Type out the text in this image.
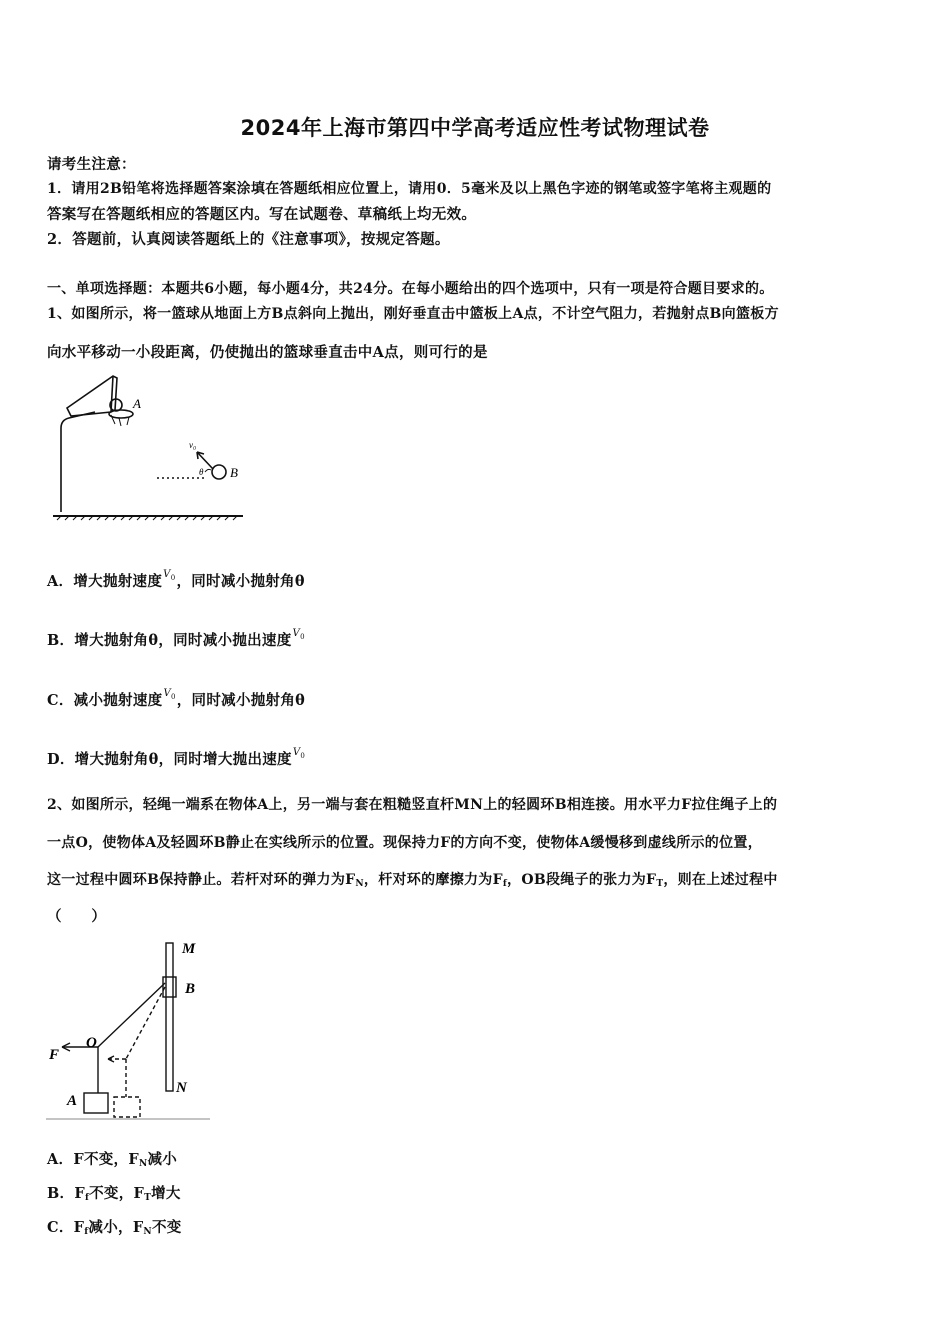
2024年上海市第四中学高考适应性考试物理试卷
请考生注意：
1．请用2B铅笔将选择题答案涂填在答题纸相应位置上，请用0．5毫米及以上黑色字迹的钢笔或签字笔将主观题的
答案写在答题纸相应的答题区内。写在试题卷、草稿纸上均无效。
2．答题前，认真阅读答题纸上的《注意事项》，按规定答题。
一、单项选择题：本题共6小题，每小题4分，共24分。在每小题给出的四个选项中，只有一项是符合题目要求的。
1、如图所示，将一篮球从地面上方B点斜向上抛出，刚好垂直击中篮板上A点，不计空气阻力，若抛射点B向篮板方
向水平移动一小段距离，仍使抛出的篮球垂直击中A点，则可行的是
A
B
v₀
θ
A．增大抛射速度$^{V_0}$，同时减小抛射角θ
B．增大抛射角θ，同时减小抛出速度$^{V_0}$
C．减小抛射速度$^{V_0}$，同时减小抛射角θ
D．增大抛射角θ，同时增大抛出速度$^{V_0}$
2、如图所示，轻绳一端系在物体A上，另一端与套在粗糙竖直杆MN上的轻圆环B相连接。用水平力F拉住绳子上的
一点O，使物体A及轻圆环B静止在实线所示的位置。现保持力F的方向不变，使物体A缓慢移到虚线所示的位置，
这一过程中圆环B保持静止。若杆对环的弹力为$F_N$，杆对环的摩擦力为$F_f$，OB段绳子的张力为$F_T$，则在上述过程中
（　　）
M
B
F
O
A
N
A．F不变，$F_N$减小
B．$F_f$不变，$F_T$增大
C．$F_f$减小，$F_N$不变
